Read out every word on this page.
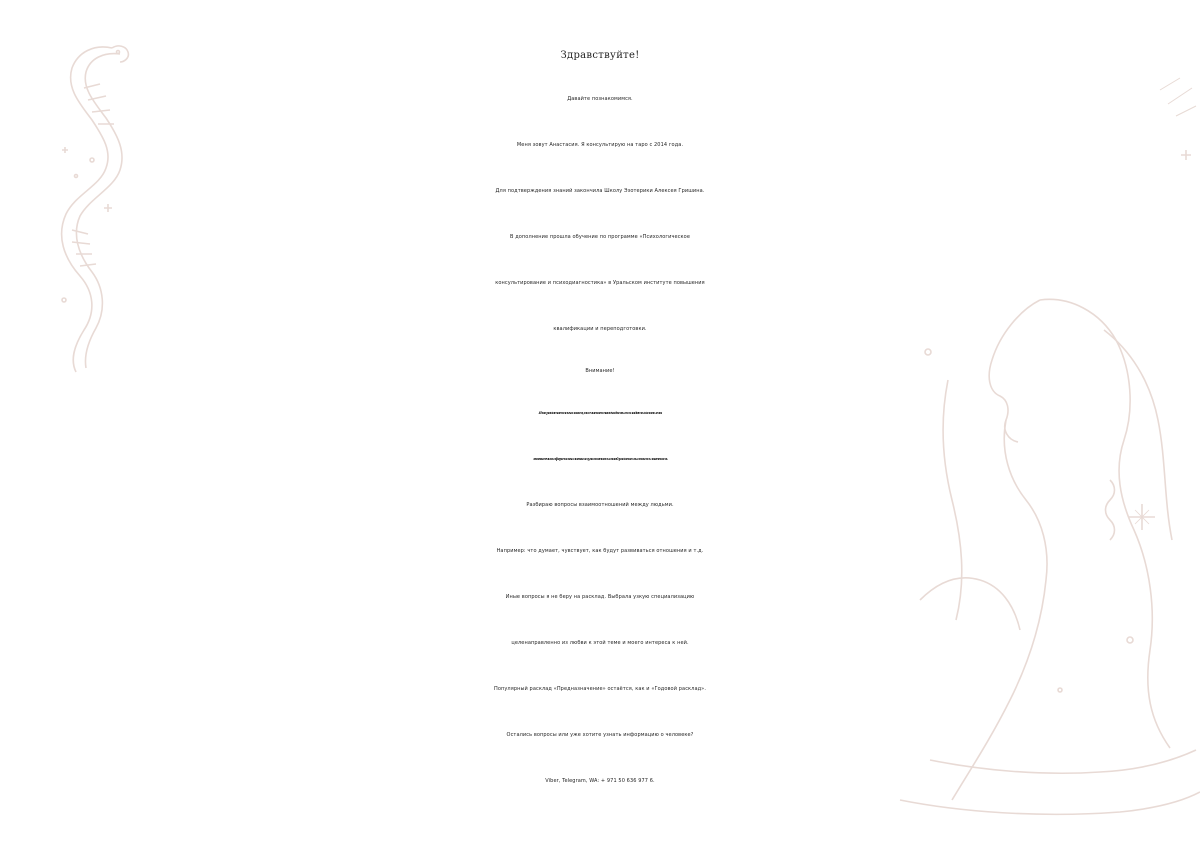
Здравствуйте!
Давайте познакомимся.
Меня зовут Анастасия. Я консультирую на таро с 2014 года.
Для подтверждения знаний закончила Школу Эзотерики Алексея Гришина.
В дополнение прошла обучение по программе «Психологическое
консультирование и психодиагностика» в Уральском институте повышения
квалификации и переподготовки.
Внимание!
Я не работаю психологом, но считаю необходимым владеть базовыми
знаниями в сфере психологии из уважения к своей работе и к своим клиентам.
Разбираю вопросы взаимоотношений между людьми.
Например: что думает, чувствует, как будут развиваться отношения и т.д.
Иные вопросы я не беру на расклад. Выбрала узкую специализацию
целенаправленно из любви к этой теме и моего интереса к ней.
Популярный расклад «Предназначение» остаётся, как и «Годовой расклад».
Остались вопросы или уже хотите узнать информацию о человеке?
Viber, Telegram, WA: + 971 50 636 977 6.
